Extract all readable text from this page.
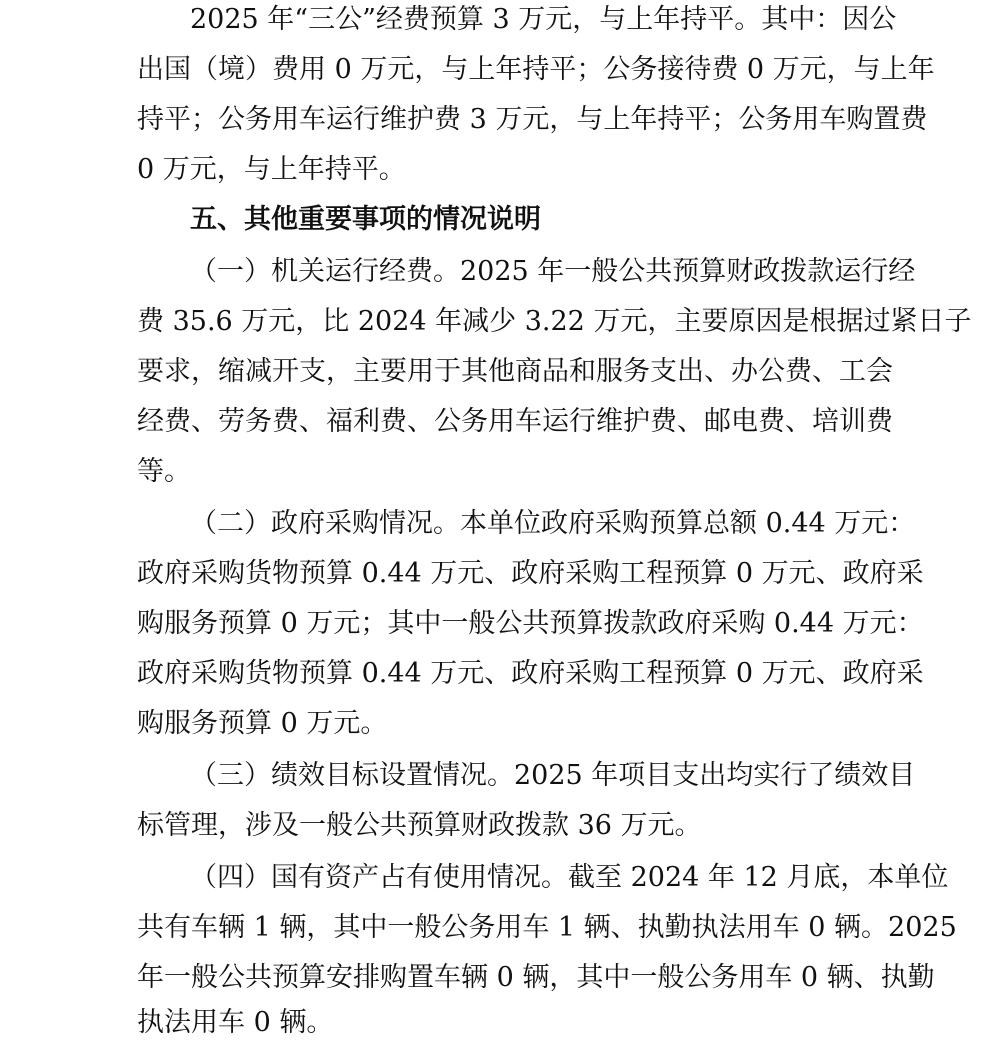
2025 年“三公”经费预算 3 万元，与上年持平。其中：因公
出国（境）费用 0 万元，与上年持平；公务接待费 0 万元，与上年
持平；公务用车运行维护费 3 万元，与上年持平；公务用车购置费
0 万元，与上年持平。
五、其他重要事项的情况说明
（一）机关运行经费。2025 年一般公共预算财政拨款运行经
费 35.6 万元，比 2024 年减少 3.22 万元，主要原因是根据过紧日子
要求，缩减开支，主要用于其他商品和服务支出、办公费、工会
经费、劳务费、福利费、公务用车运行维护费、邮电费、培训费
等。
（二）政府采购情况。本单位政府采购预算总额 0.44 万元：
政府采购货物预算 0.44 万元、政府采购工程预算 0 万元、政府采
购服务预算 0 万元；其中一般公共预算拨款政府采购 0.44 万元：
政府采购货物预算 0.44 万元、政府采购工程预算 0 万元、政府采
购服务预算 0 万元。
（三）绩效目标设置情况。2025 年项目支出均实行了绩效目
标管理，涉及一般公共预算财政拨款 36 万元。
（四）国有资产占有使用情况。截至 2024 年 12 月底，本单位
共有车辆 1 辆，其中一般公务用车 1 辆、执勤执法用车 0 辆。2025
年一般公共预算安排购置车辆 0 辆，其中一般公务用车 0 辆、执勤
执法用车 0 辆。
